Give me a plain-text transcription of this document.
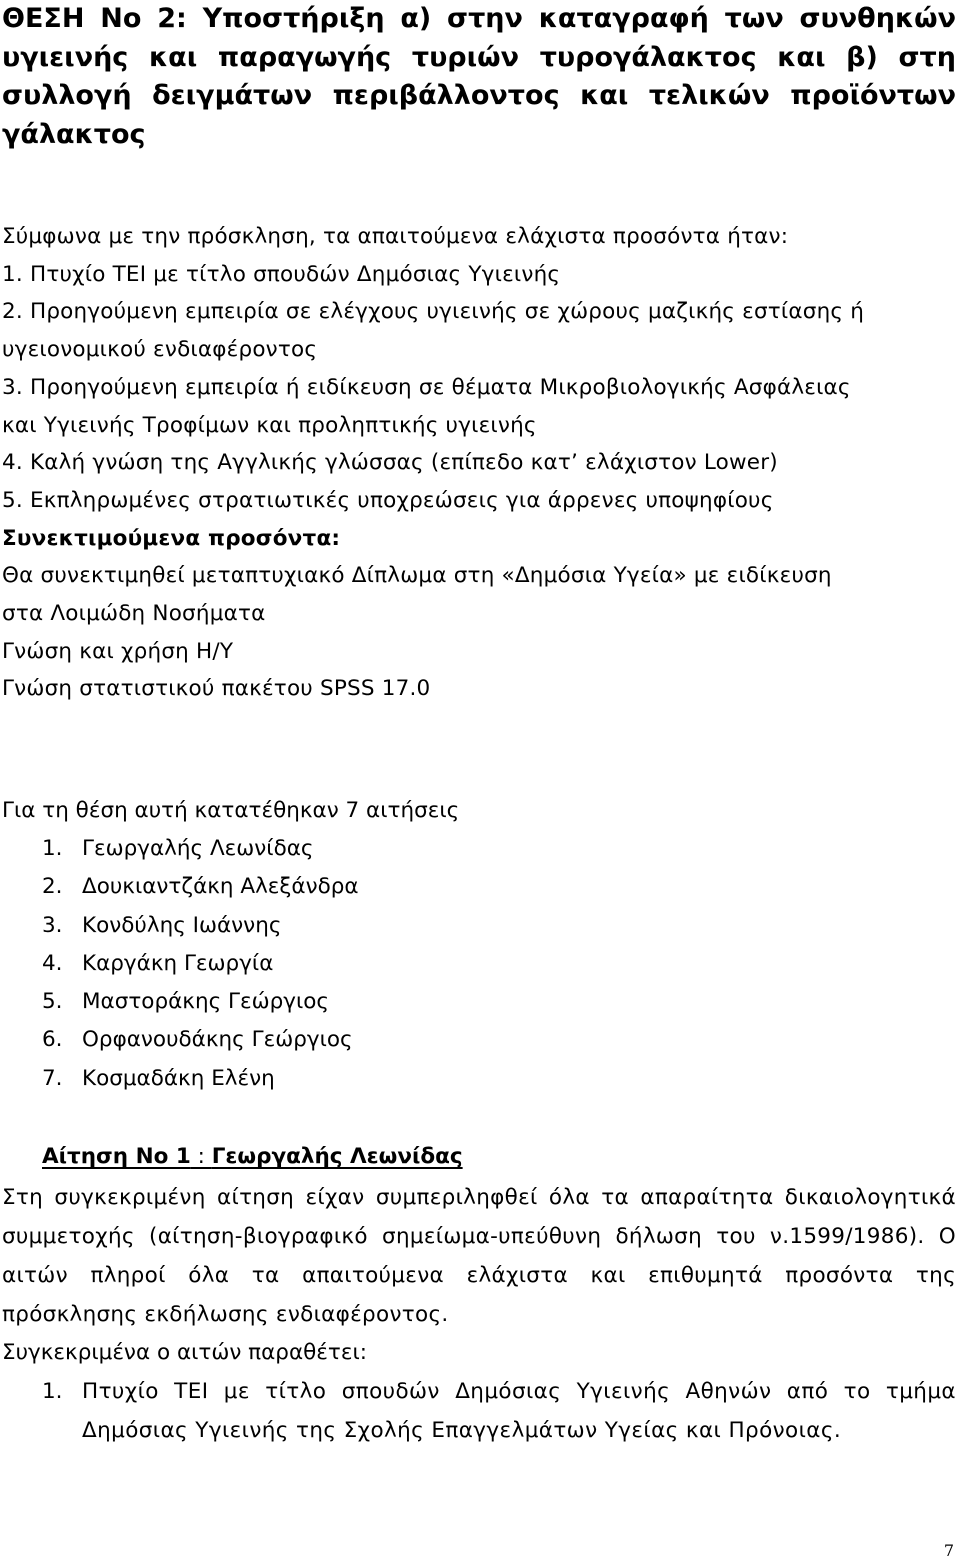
ΘΕΣΗ Νο 2: Υποστήριξη α) στην καταγραφή των συνθηκών υγιεινής και παραγωγής τυριών τυρογάλακτος και β) στη συλλογή δειγμάτων περιβάλλοντος και τελικών προϊόντων γάλακτος
Σύμφωνα με την πρόσκληση, τα απαιτούμενα ελάχιστα προσόντα ήταν:
1. Πτυχίο ΤΕΙ με τίτλο σπουδών Δημόσιας Υγιεινής
2. Προηγούμενη εμπειρία σε ελέγχους υγιεινής σε χώρους μαζικής εστίασης ή
υγειονομικού ενδιαφέροντος
3. Προηγούμενη εμπειρία ή ειδίκευση σε θέματα Μικροβιολογικής Ασφάλειας
και Υγιεινής Τροφίμων και προληπτικής υγιεινής
4. Καλή γνώση της Αγγλικής γλώσσας (επίπεδο κατ’ ελάχιστον Lower)
5. Εκπληρωμένες στρατιωτικές υποχρεώσεις για άρρενες υποψηφίους
Συνεκτιμούμενα προσόντα:
Θα συνεκτιμηθεί μεταπτυχιακό Δίπλωμα στη «Δημόσια Υγεία» με ειδίκευση
στα Λοιμώδη Νοσήματα
Γνώση και χρήση Η/Υ
Γνώση στατιστικού πακέτου SPSS 17.0

Για τη θέση αυτή κατατέθηκαν 7 αιτήσεις

1. Γεωργαλής Λεωνίδας
2. Δουκιαντζάκη Αλεξάνδρα
3. Κονδύλης Ιωάννης
4. Καργάκη Γεωργία
5. Μαστοράκης Γεώργιος
6. Ορφανουδάκης Γεώργιος
7. Κοσμαδάκη Ελένη
Αίτηση Νο 1 : Γεωργαλής Λεωνίδας

Στη συγκεκριμένη αίτηση είχαν συμπεριληφθεί όλα τα απαραίτητα δικαιολογητικά συμμετοχής (αίτηση-βιογραφικό σημείωμα-υπεύθυνη δήλωση του ν.1599/1986). Ο αιτών πληροί όλα τα απαιτούμενα ελάχιστα και επιθυμητά προσόντα της πρόσκλησης εκδήλωσης ενδιαφέροντος.

Συγκεκριμένα ο αιτών παραθέτει:

1. Πτυχίο ΤΕΙ με τίτλο σπουδών Δημόσιας Υγιεινής Αθηνών από το τμήμα Δημόσιας Υγιεινής της Σχολής Επαγγελμάτων Υγείας και Πρόνοιας.
7
